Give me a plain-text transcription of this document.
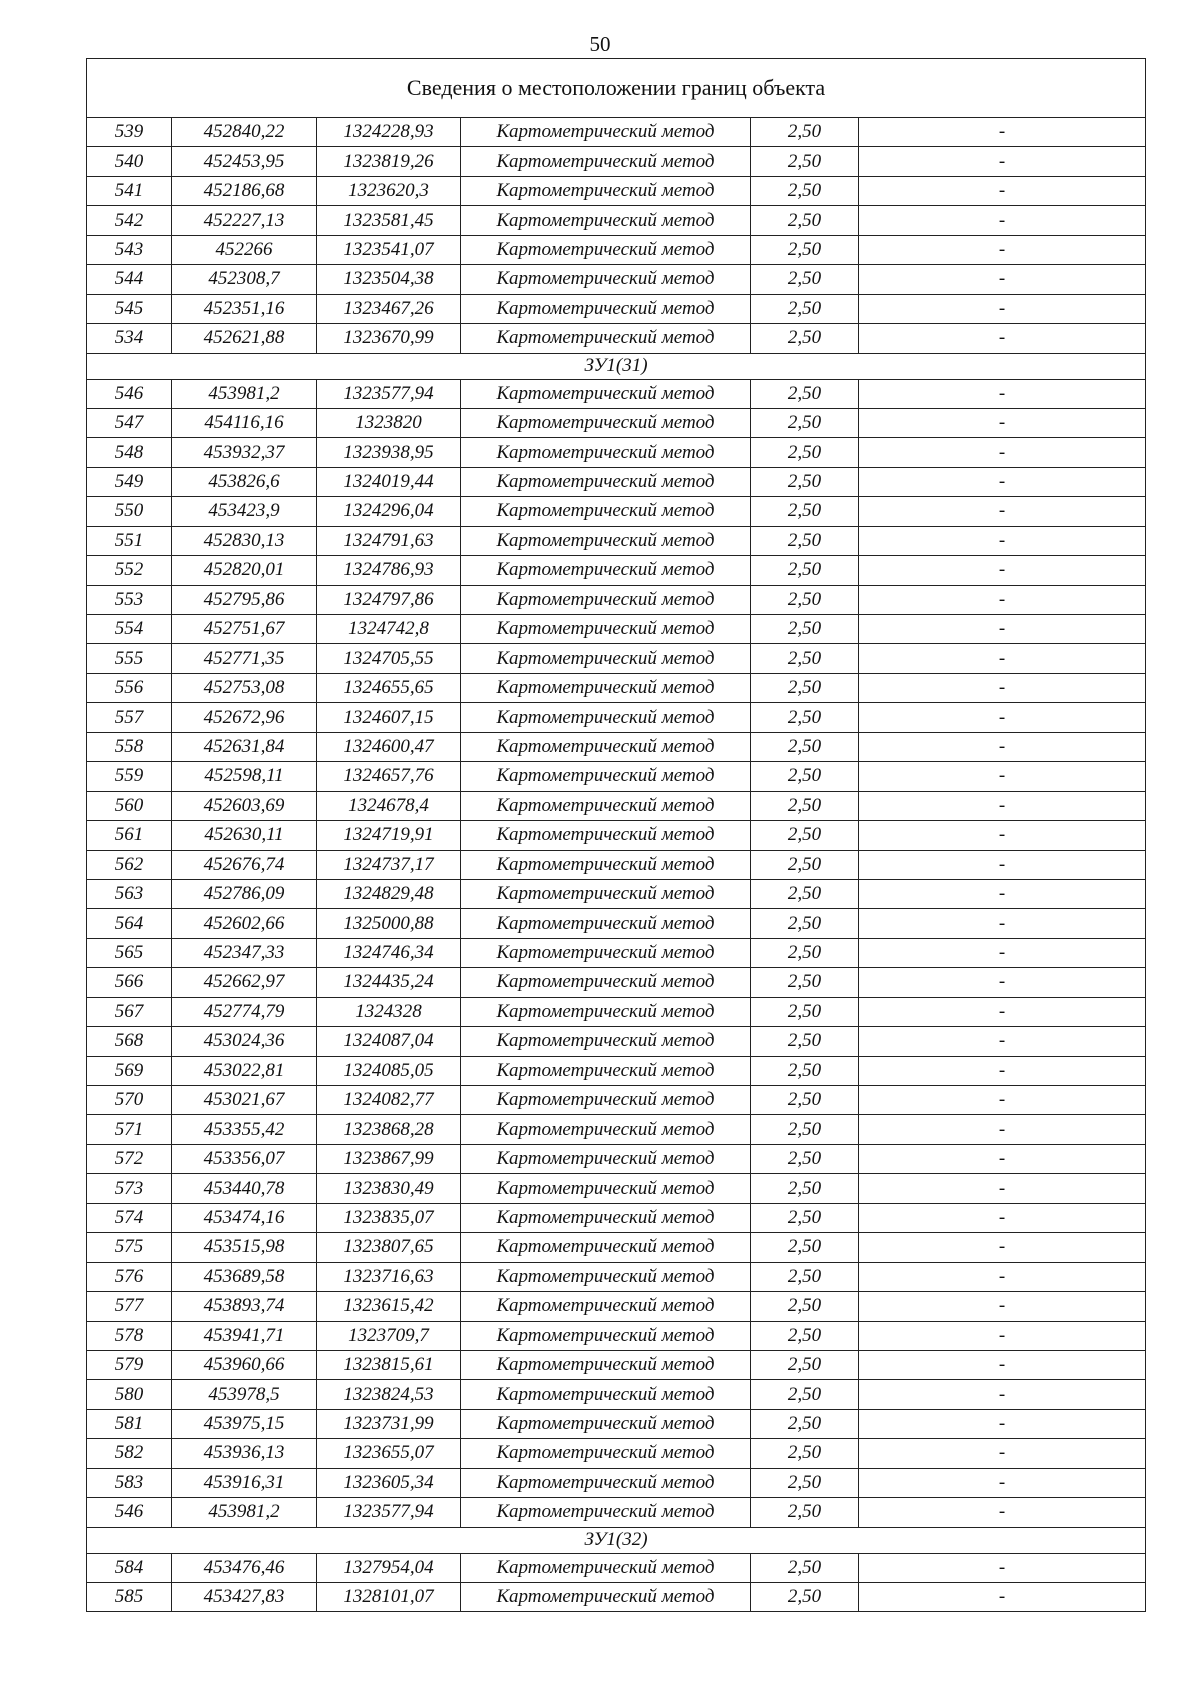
50
Сведения о местоположении границ объекта					
539	452840,22	1324228,93	Картометрический метод	2,50	-
540	452453,95	1323819,26	Картометрический метод	2,50	-
541	452186,68	1323620,3	Картометрический метод	2,50	-
542	452227,13	1323581,45	Картометрический метод	2,50	-
543	452266	1323541,07	Картометрический метод	2,50	-
544	452308,7	1323504,38	Картометрический метод	2,50	-
545	452351,16	1323467,26	Картометрический метод	2,50	-
534	452621,88	1323670,99	Картометрический метод	2,50	-
ЗУ1(31)					
546	453981,2	1323577,94	Картометрический метод	2,50	-
547	454116,16	1323820	Картометрический метод	2,50	-
548	453932,37	1323938,95	Картометрический метод	2,50	-
549	453826,6	1324019,44	Картометрический метод	2,50	-
550	453423,9	1324296,04	Картометрический метод	2,50	-
551	452830,13	1324791,63	Картометрический метод	2,50	-
552	452820,01	1324786,93	Картометрический метод	2,50	-
553	452795,86	1324797,86	Картометрический метод	2,50	-
554	452751,67	1324742,8	Картометрический метод	2,50	-
555	452771,35	1324705,55	Картометрический метод	2,50	-
556	452753,08	1324655,65	Картометрический метод	2,50	-
557	452672,96	1324607,15	Картометрический метод	2,50	-
558	452631,84	1324600,47	Картометрический метод	2,50	-
559	452598,11	1324657,76	Картометрический метод	2,50	-
560	452603,69	1324678,4	Картометрический метод	2,50	-
561	452630,11	1324719,91	Картометрический метод	2,50	-
562	452676,74	1324737,17	Картометрический метод	2,50	-
563	452786,09	1324829,48	Картометрический метод	2,50	-
564	452602,66	1325000,88	Картометрический метод	2,50	-
565	452347,33	1324746,34	Картометрический метод	2,50	-
566	452662,97	1324435,24	Картометрический метод	2,50	-
567	452774,79	1324328	Картометрический метод	2,50	-
568	453024,36	1324087,04	Картометрический метод	2,50	-
569	453022,81	1324085,05	Картометрический метод	2,50	-
570	453021,67	1324082,77	Картометрический метод	2,50	-
571	453355,42	1323868,28	Картометрический метод	2,50	-
572	453356,07	1323867,99	Картометрический метод	2,50	-
573	453440,78	1323830,49	Картометрический метод	2,50	-
574	453474,16	1323835,07	Картометрический метод	2,50	-
575	453515,98	1323807,65	Картометрический метод	2,50	-
576	453689,58	1323716,63	Картометрический метод	2,50	-
577	453893,74	1323615,42	Картометрический метод	2,50	-
578	453941,71	1323709,7	Картометрический метод	2,50	-
579	453960,66	1323815,61	Картометрический метод	2,50	-
580	453978,5	1323824,53	Картометрический метод	2,50	-
581	453975,15	1323731,99	Картометрический метод	2,50	-
582	453936,13	1323655,07	Картометрический метод	2,50	-
583	453916,31	1323605,34	Картометрический метод	2,50	-
546	453981,2	1323577,94	Картометрический метод	2,50	-
ЗУ1(32)					
584	453476,46	1327954,04	Картометрический метод	2,50	-
585	453427,83	1328101,07	Картометрический метод	2,50	-
